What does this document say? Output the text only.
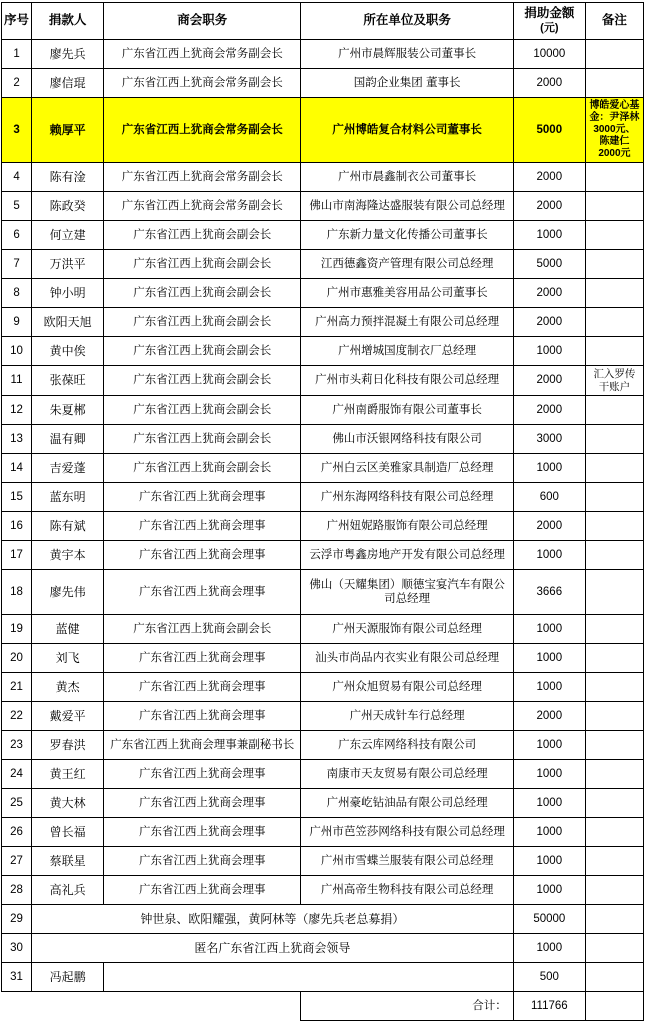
序号	捐款人	商会职务	所在单位及职务	捐助金额
(元)	备注
1	廖先兵	广东省江西上犹商会常务副会长	广州市晨辉服装公司董事长	10000	
2	廖信琨	广东省江西上犹商会常务副会长	国韵企业集团 董事长	2000	
3	赖厚平	广东省江西上犹商会常务副会长	广州博皓复合材料公司董事长	5000	博皓爱心基金：尹泽林3000元、陈建仁2000元
4	陈有淦	广东省江西上犹商会常务副会长	广州市晨鑫制衣公司董事长	2000	
5	陈政癸	广东省江西上犹商会常务副会长	佛山市南海隆达盛服装有限公司总经理	2000	
6	何立建	广东省江西上犹商会副会长	广东新力量文化传播公司董事长	1000	
7	万洪平	广东省江西上犹商会副会长	江西德鑫资产管理有限公司总经理	5000	
8	钟小明	广东省江西上犹商会副会长	广州市惠雅美容用品公司董事长	2000	
9	欧阳天旭	广东省江西上犹商会副会长	广州高力预拌混凝土有限公司总经理	2000	
10	黄中俟	广东省江西上犹商会副会长	广州增城国度制衣厂总经理	1000	
11	张葆旺	广东省江西上犹商会副会长	广州市头莉日化科技有限公司总经理	2000	汇入罗传干账户
12	朱夏郴	广东省江西上犹商会副会长	广州南爵服饰有限公司董事长	2000	
13	温有卿	广东省江西上犹商会副会长	佛山市沃银网络科技有限公司	3000	
14	吉爱蓬	广东省江西上犹商会副会长	广州白云区美雅家具制造厂总经理	1000	
15	蓝东明	广东省江西上犹商会理事	广州东海网络科技有限公司总经理	600	
16	陈有斌	广东省江西上犹商会理事	广州妞妮路服饰有限公司总经理	2000	
17	黄宇本	广东省江西上犹商会理事	云浮市粤鑫房地产开发有限公司总经理	1000	
18	廖先伟	广东省江西上犹商会理事	佛山（天耀集团）顺德宝宴汽车有限公司总经理	3666	
19	蓝健	广东省江西上犹商会副会长	广州天源服饰有限公司总经理	1000	
20	刘飞	广东省江西上犹商会理事	汕头市尚品内衣实业有限公司总经理	1000	
21	黄杰	广东省江西上犹商会理事	广州众旭贸易有限公司总经理	1000	
22	戴爱平	广东省江西上犹商会理事	广州天成针车行总经理	2000	
23	罗春洪	广东省江西上犹商会理事兼副秘书长	广东云库网络科技有限公司	1000	
24	黄王红	广东省江西上犹商会理事	南康市天友贸易有限公司总经理	1000	
25	黄大林	广东省江西上犹商会理事	广州豪屹钻油品有限公司总经理	1000	
26	曾长福	广东省江西上犹商会理事	广州市芭笠莎网络科技有限公司总经理	1000	
27	蔡联星	广东省江西上犹商会理事	广州市雪蝶兰服装有限公司总经理	1000	
28	高礼兵	广东省江西上犹商会理事	广州高帝生物科技有限公司总经理	1000	
29	钟世泉、欧阳耀强，黄阿林等（廖先兵老总募捐）			50000	
30	匿名广东省江西上犹商会领导			1000	
31	冯起鹏			500	
			合计：	111766	
